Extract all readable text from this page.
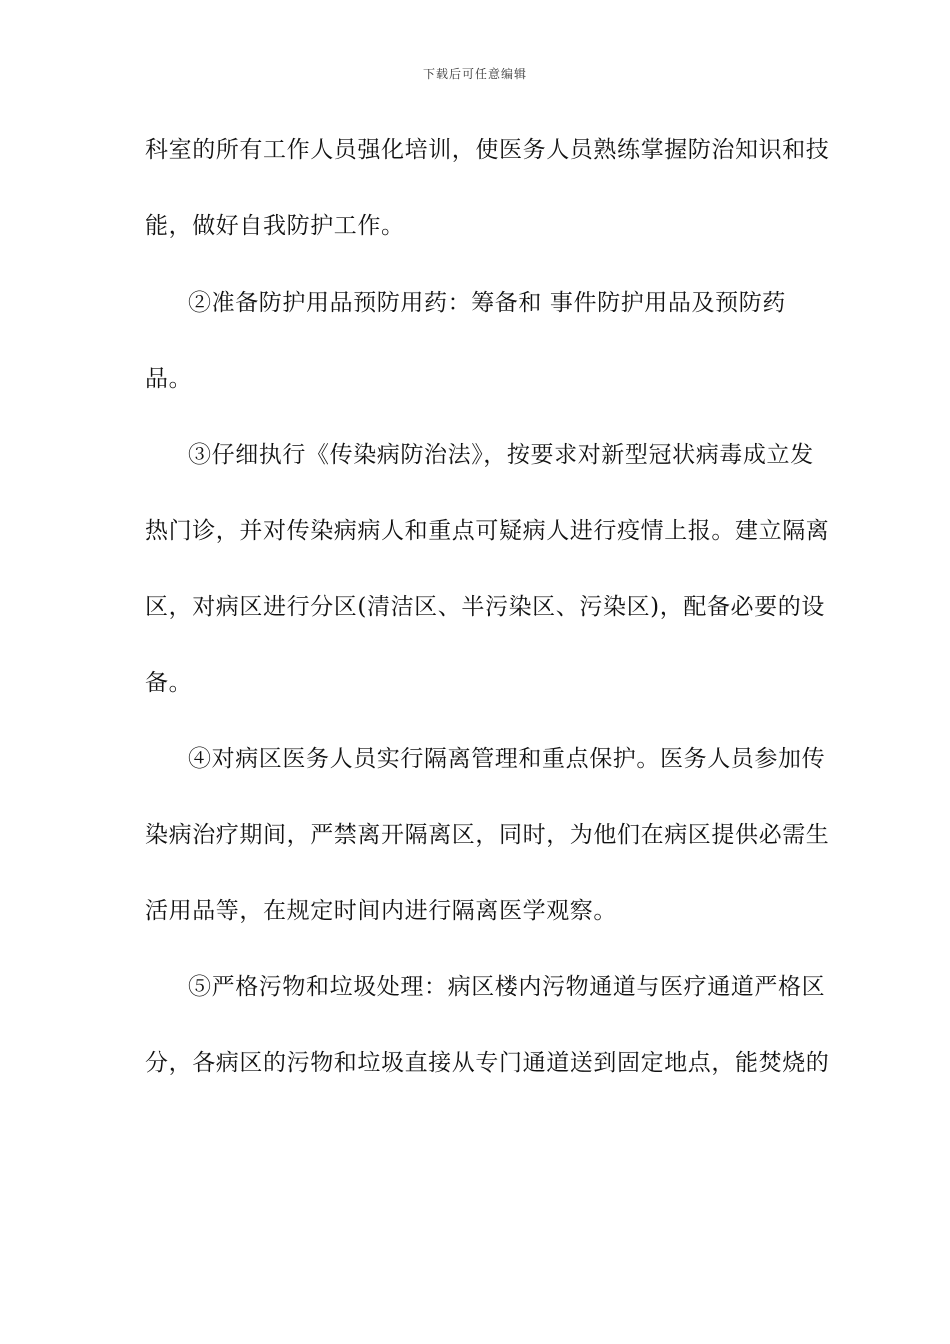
下载后可任意编辑
科室的所有工作人员强化培训，使医务人员熟练掌握防治知识和技
能，做好自我防护工作。
②准备防护用品预防用药：筹备和 事件防护用品及预防药
品。
③仔细执行《传染病防治法》，按要求对新型冠状病毒成立发
热门诊，并对传染病病人和重点可疑病人进行疫情上报。建立隔离
区，对病区进行分区(清洁区、半污染区、污染区)，配备必要的设
备。
④对病区医务人员实行隔离管理和重点保护。医务人员参加传
染病治疗期间，严禁离开隔离区，同时，为他们在病区提供必需生
活用品等，在规定时间内进行隔离医学观察。
⑤严格污物和垃圾处理：病区楼内污物通道与医疗通道严格区
分，各病区的污物和垃圾直接从专门通道送到固定地点，能焚烧的
